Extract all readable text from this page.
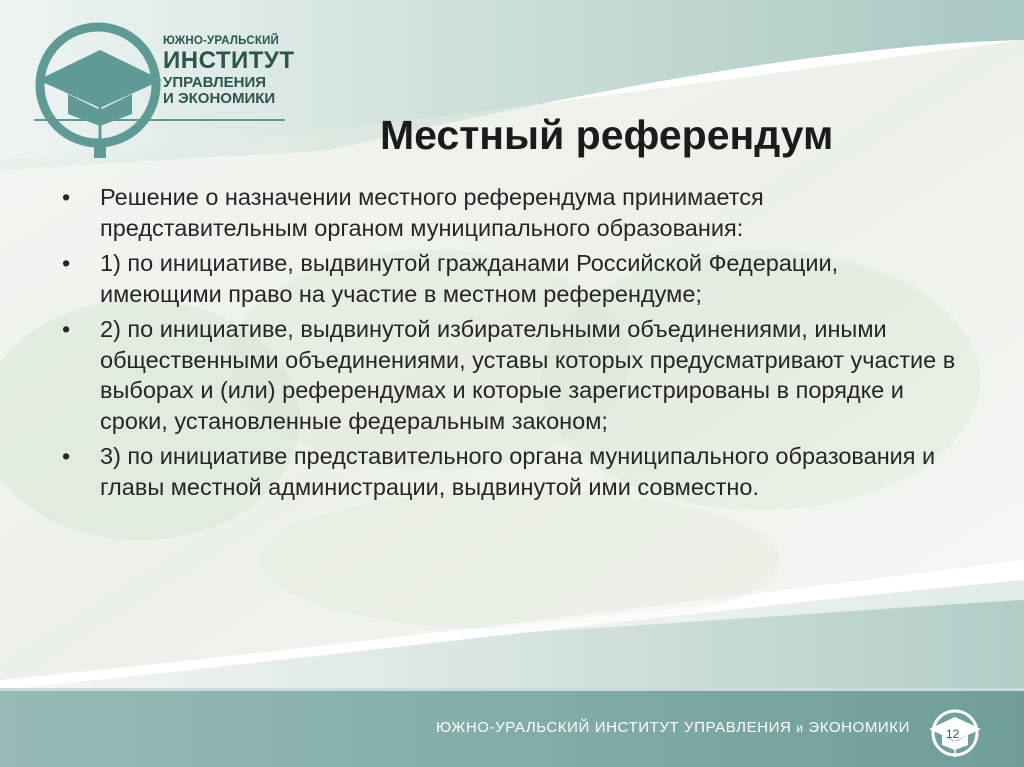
ЮЖНО-УРАЛЬСКИЙ
ИНСТИТУТ
УПРАВЛЕНИЯ
И ЭКОНОМИКИ
Местный референдум
• Решение о назначении местного референдума принимается представительным органом муниципального образования:
• 1) по инициативе, выдвинутой гражданами Российской Федерации, имеющими право на участие в местном референдуме;
• 2) по инициативе, выдвинутой избирательными объединениями, иными общественными объединениями, уставы которых предусматривают участие в выборах и (или) референдумах и которые зарегистрированы в порядке и сроки, установленные федеральным законом;
• 3) по инициативе представительного органа муниципального образования и главы местной администрации, выдвинутой ими совместно.
ЮЖНО-УРАЛЬСКИЙ ИНСТИТУТ УПРАВЛЕНИЯ и ЭКОНОМИКИ	12
